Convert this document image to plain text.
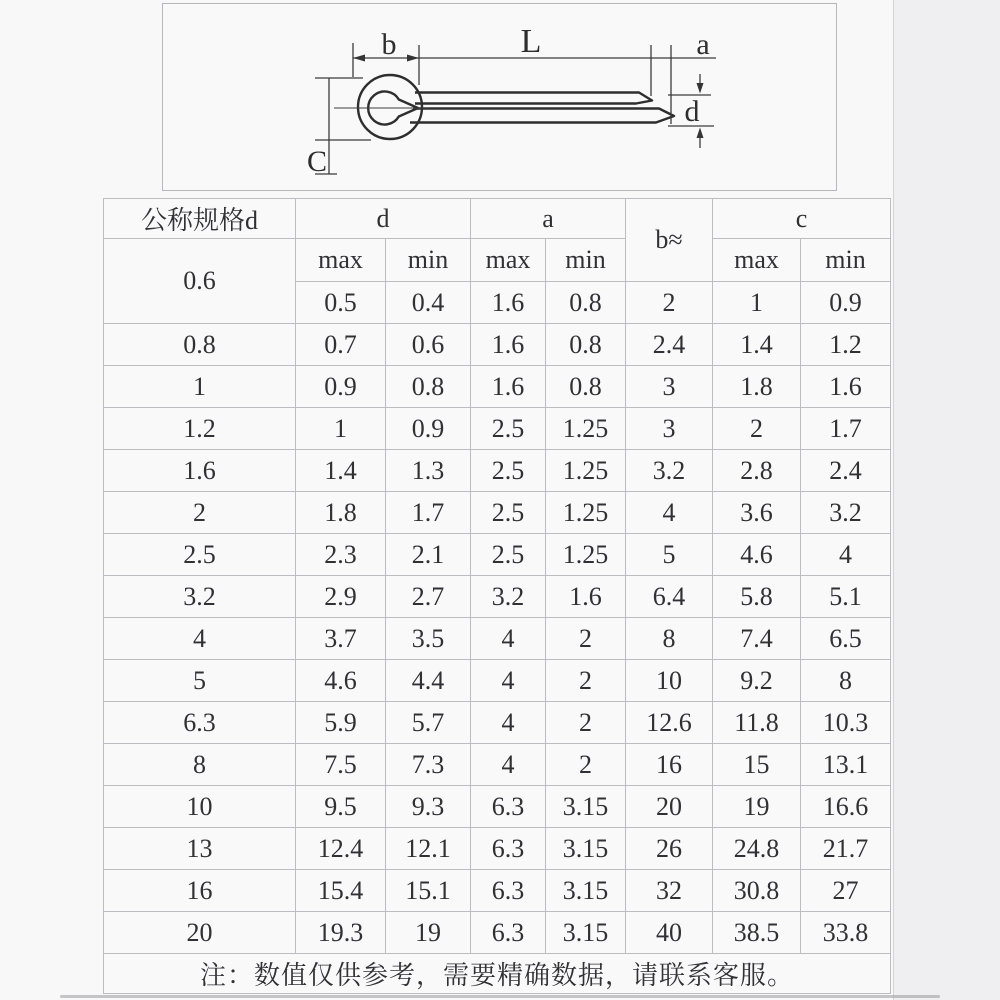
b	L	a
d
C
公称规格d	d		a		b≈	c	
0.6	max	min	max	min		max	min
	0.5	0.4	1.6	0.8	2	1	0.9
0.8	0.7	0.6	1.6	0.8	2.4	1.4	1.2
1	0.9	0.8	1.6	0.8	3	1.8	1.6
1.2	1	0.9	2.5	1.25	3	2	1.7
1.6	1.4	1.3	2.5	1.25	3.2	2.8	2.4
2	1.8	1.7	2.5	1.25	4	3.6	3.2
2.5	2.3	2.1	2.5	1.25	5	4.6	4
3.2	2.9	2.7	3.2	1.6	6.4	5.8	5.1
4	3.7	3.5	4	2	8	7.4	6.5
5	4.6	4.4	4	2	10	9.2	8
6.3	5.9	5.7	4	2	12.6	11.8	10.3
8	7.5	7.3	4	2	16	15	13.1
10	9.5	9.3	6.3	3.15	20	19	16.6
13	12.4	12.1	6.3	3.15	26	24.8	21.7
16	15.4	15.1	6.3	3.15	32	30.8	27
20	19.3	19	6.3	3.15	40	38.5	33.8
注：数值仅供参考，需要精确数据，请联系客服。							
